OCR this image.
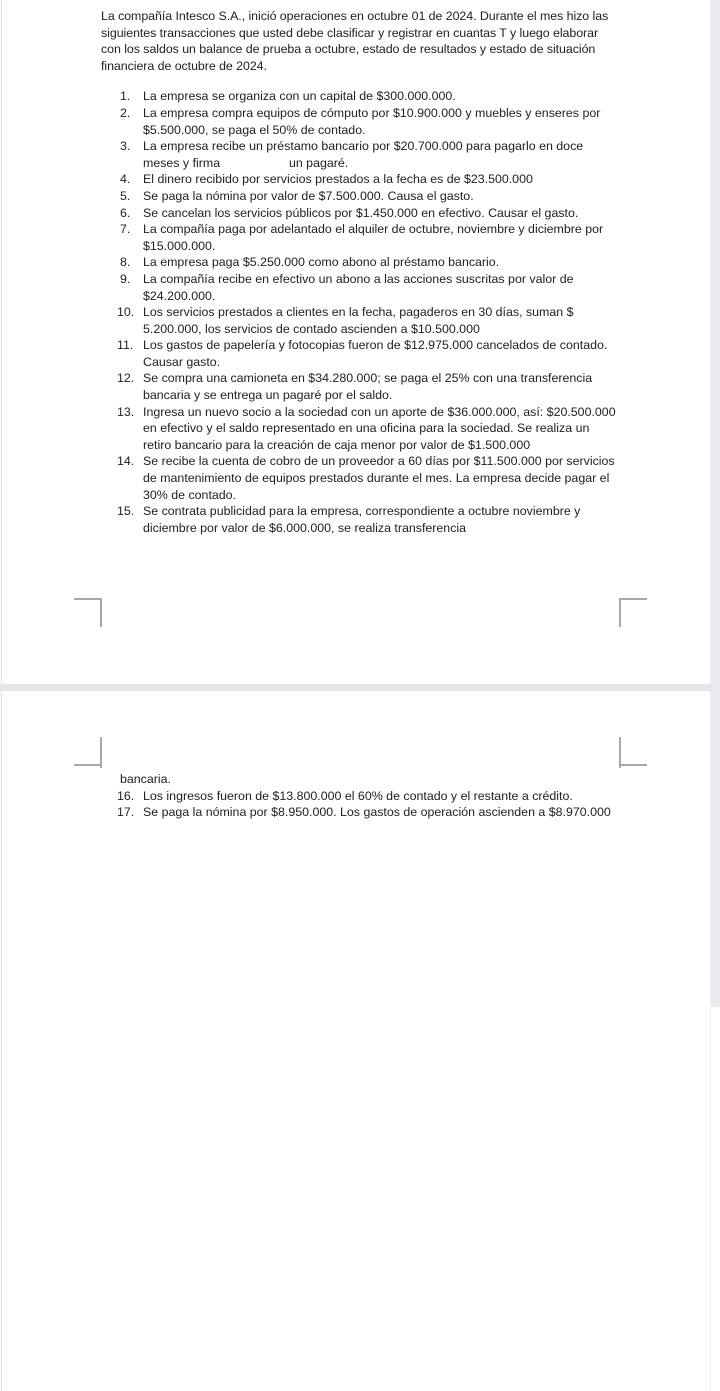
La compañía Intesco S.A., inició operaciones en octubre 01 de 2024. Durante el mes hizo las siguientes transacciones que usted debe clasificar y registrar en cuantas T y luego elaborar con los saldos un balance de prueba a octubre, estado de resultados y estado de situación financiera de octubre de 2024.

1.	La empresa se organiza con un capital de $300.000.000.
2.	La empresa compra equipos de cómputo por $10.900.000 y muebles y enseres por $5.500.000, se paga el 50% de contado.
3.	La empresa recibe un préstamo bancario por $20.700.000 para pagarlo en doce meses y firma                    un pagaré.
4.	El dinero recibido por servicios prestados a la fecha es de $23.500.000
5.	Se paga la nómina por valor de $7.500.000. Causa el gasto.
6.	Se cancelan los servicios públicos por $1.450.000 en efectivo. Causar el gasto.
7.	La compañía paga por adelantado el alquiler de octubre, noviembre y diciembre por $15.000.000.
8.	La empresa paga $5.250.000 como abono al préstamo bancario.
9.	La compañía recibe en efectivo un abono a las acciones suscritas por valor de $24.200.000.
10. Los servicios prestados a clientes en la fecha, pagaderos en 30 días, suman $ 5.200.000, los servicios de contado ascienden a $10.500.000
11. Los gastos de papelería y fotocopias fueron de $12.975.000 cancelados de contado. Causar gasto.
12. Se compra una camioneta en $34.280.000; se paga el 25% con una transferencia bancaria y se entrega un pagaré por el saldo.
13. Ingresa un nuevo socio a la sociedad con un aporte de $36.000.000, así: $20.500.000 en efectivo y el saldo representado en una oficina para la sociedad. Se realiza un retiro bancario para la creación de caja menor por valor de $1.500.000
14. Se recibe la cuenta de cobro de un proveedor a 60 días por $11.500.000 por servicios de mantenimiento de equipos prestados durante el mes. La empresa decide pagar el 30% de contado.
15. Se contrata publicidad para la empresa, correspondiente a octubre noviembre y diciembre por valor de $6.000.000, se realiza transferencia

bancaria.

16. Los ingresos fueron de $13.800.000 el 60% de contado y el restante a crédito.
17. Se paga la nómina por $8.950.000. Los gastos de operación ascienden a $8.970.000
